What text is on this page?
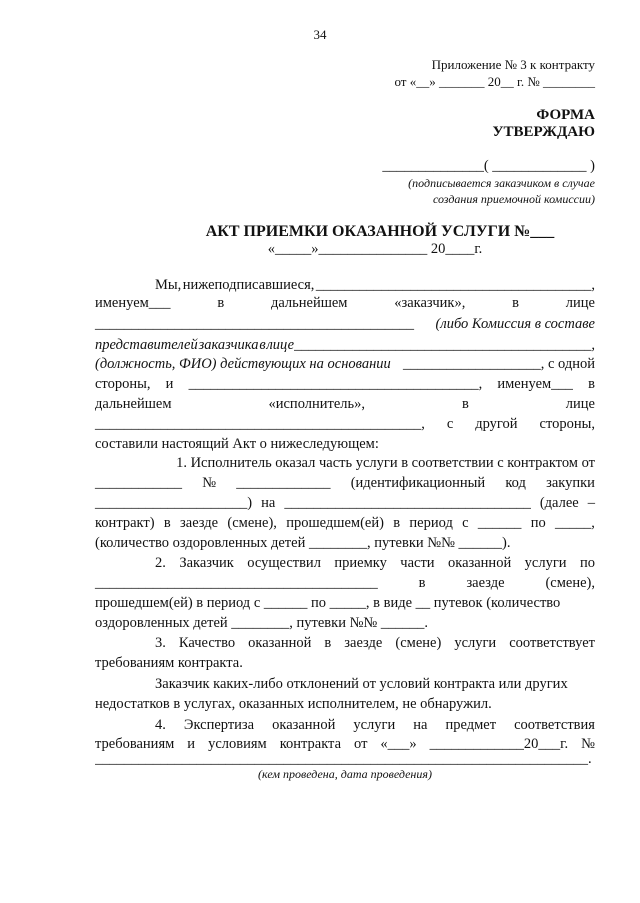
34
Приложение № 3 к контракту
от «__» _______ 20__ г. № ________
ФОРМА
УТВЕРЖДАЮ
______________( _____________ )
(подписывается заказчиком в случае
создания приемочной комиссии)
АКТ ПРИЕМКИ ОКАЗАННОЙ УСЛУГИ №___
«_____»_______________ 20____г.
Мы, нижеподписавшиеся, ______________________________________,
именуем___	в	дальнейшем	«заказчик»,	в	лице
____________________________________________ (либо Комиссия в составе
представителей заказчика в лице_________________________________________,
(должность, ФИО) действующих на основании ___________________, с одной
стороны, и ________________________________________, именуем___ в
дальнейшем	«исполнитель»,	в	лице
_____________________________________________, с другой стороны,
составили настоящий Акт о нижеследующем:
1. Исполнитель оказал часть услуги в соответствии с контрактом от
____________ № _____________ (идентификационный код закупки
_____________________) на __________________________________ (далее –
контракт) в заезде (смене), прошедшем(ей) в период с ______ по _____,
(количество оздоровленных детей ________, путевки №№ ______).
2. Заказчик осуществил приемку части оказанной услуги по
_______________________________________	в	заезде	(смене),
прошедшем(ей) в период с ______ по _____, в виде __ путевок (количество
оздоровленных детей ________, путевки №№ ______.
3. Качество оказанной в заезде (смене) услуги соответствует
требованиям контракта.
Заказчик каких-либо отклонений от условий контракта или других
недостатков в услугах, оказанных исполнителем, не обнаружил.
4. Экспертиза оказанной услуги на предмет соответствия
требованиям и условиям контракта от «___» _____________20___г. №
____________________________________________________________________.
(кем проведена, дата проведения)
